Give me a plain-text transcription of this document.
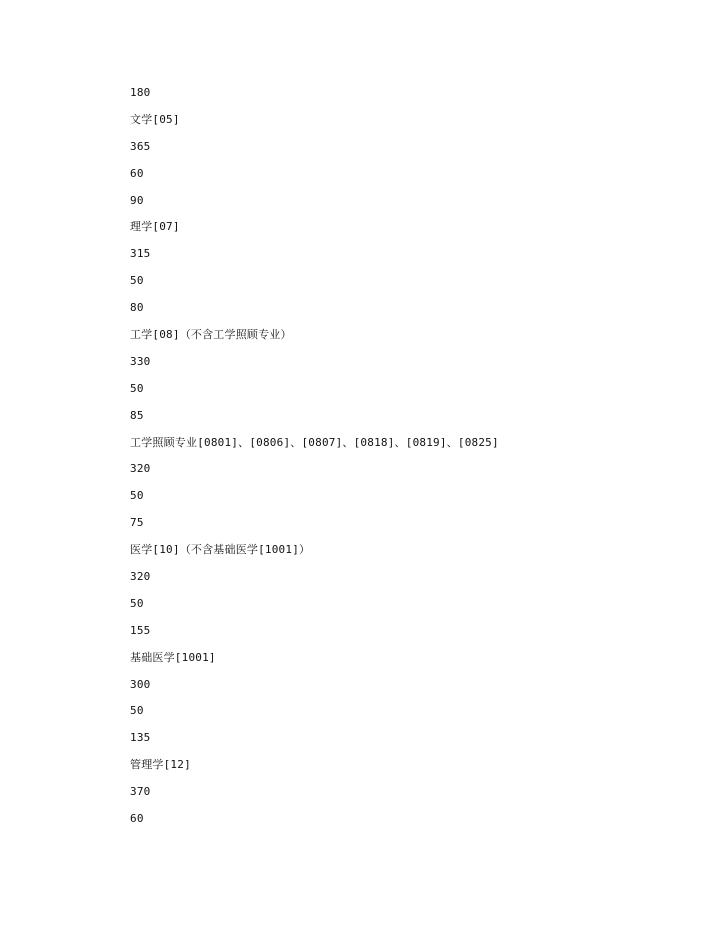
180
文学[05]
365
60
90
理学[07]
315
50
80
工学[08]（不含工学照顾专业）
330
50
85
工学照顾专业[0801]、[0806]、[0807]、[0818]、[0819]、[0825]
320
50
75
医学[10]（不含基础医学[1001]）
320
50
155
基础医学[1001]
300
50
135
管理学[12]
370
60
